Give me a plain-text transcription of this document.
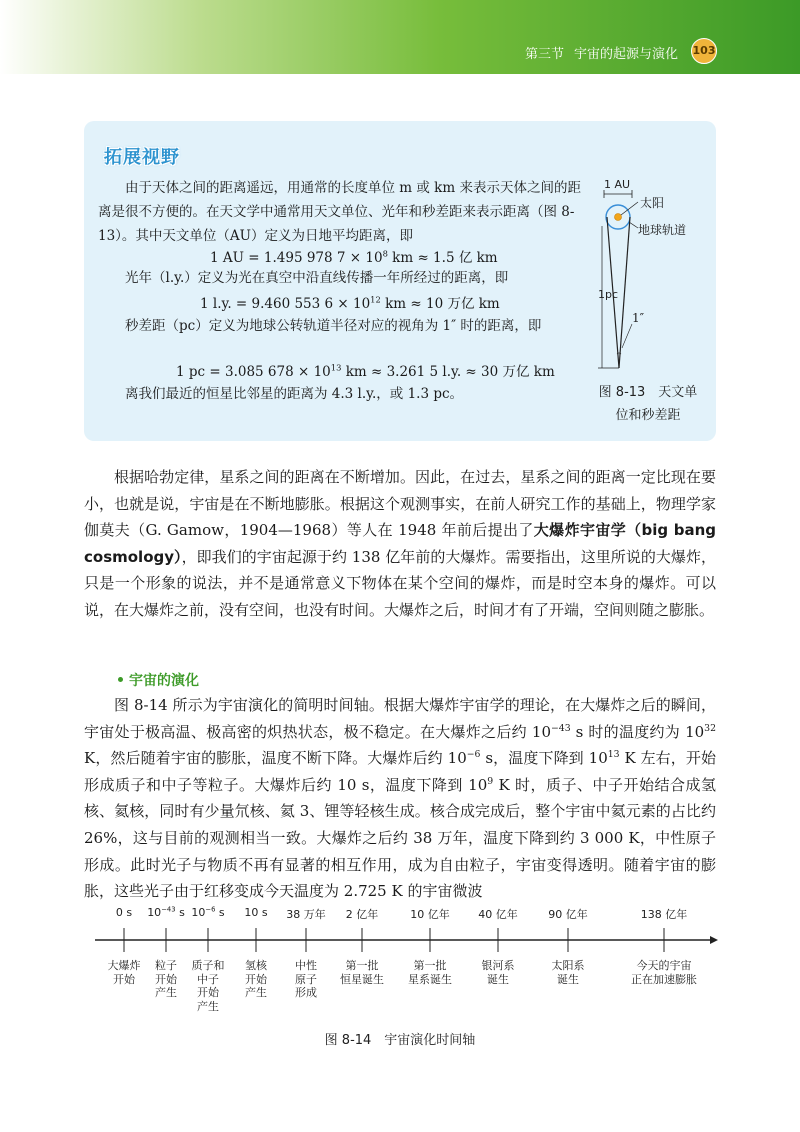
第三节 宇宙的起源与演化 103
拓展视野

由于天体之间的距离遥远，用通常的长度单位 m 或 km 来表示天体之间的距离是很不方便的。在天文学中通常用天文单位、光年和秒差距来表示距离（图 8-13）。其中天文单位（AU）定义为日地平均距离，即

1 AU = 1.495 978 $7 \times 10^8$ km ≈ 1.5 亿 km

光年（l.y.）定义为光在真空中沿直线传播一年所经过的距离，即

1 l.y. = 9.460 553 $6 \times 10^{12}$ km ≈ 10 万亿 km

秒差距（pc）定义为地球公转轨道半径对应的视角为 1″ 时的距离，即

1 pc = 3.085 $678 \times 10^{13}$ km ≈ 3.261 5 l.y. ≈ 30 万亿 km

离我们最近的恒星比邻星的距离为 4.3 l.y.，或 1.3 pc。

1 AU
太阳
地球轨道
1pc
1″
图 8-13　天文单
位和秒差距

根据哈勃定律，星系之间的距离在不断增加。因此，在过去，星系之间的距离一定比现在要小，也就是说，宇宙是在不断地膨胀。根据这个观测事实，在前人研究工作的基础上，物理学家伽莫夫（G. Gamow，1904—1968）等人在 1948 年前后提出了大爆炸宇宙学（big bang cosmology），即我们的宇宙起源于约 138 亿年前的大爆炸。需要指出，这里所说的大爆炸，只是一个形象的说法，并不是通常意义下物体在某个空间的爆炸，而是时空本身的爆炸。可以说，在大爆炸之前，没有空间，也没有时间。大爆炸之后，时间才有了开端，空间则随之膨胀。

宇宙的演化

图 8-14 所示为宇宙演化的简明时间轴。根据大爆炸宇宙学的理论，在大爆炸之后的瞬间，宇宙处于极高温、极高密的炽热状态，极不稳定。在大爆炸之后约 $10^{-43}$ s 时的温度约为 $10^{32}$ K，然后随着宇宙的膨胀，温度不断下降。大爆炸后约 $10^{-6}$ s，温度下降到 $10^{13}$ K 左右，开始形成质子和中子等粒子。大爆炸后约 10 s，温度下降到 $10^9$ K 时，质子、中子开始结合成氢核、氦核，同时有少量氘核、氦 3、锂等轻核生成。核合成完成后，整个宇宙中氦元素的占比约 26%，这与目前的观测相当一致。大爆炸之后约 38 万年，温度下降到约 3 000 K，中性原子形成。此时光子与物质不再有显著的相互作用，成为自由粒子，宇宙变得透明。随着宇宙的膨胀，这些光子由于红移变成今天温度为 2.725 K 的宇宙微波

0 s $10^{-43}$ s $10^{-6}$ s 10 s 38 万年 2 亿年	10 亿年	40 亿年	90 亿年	138 亿年
大爆炸
开始
粒子
开始
产生
质子和
中子
开始
产生
氢核
开始
产生
中性
原子
形成
第一批
恒星诞生
第一批
星系诞生
银河系
诞生
太阳系
诞生
今天的宇宙
正在加速膨胀
图 8-14　宇宙演化时间轴
